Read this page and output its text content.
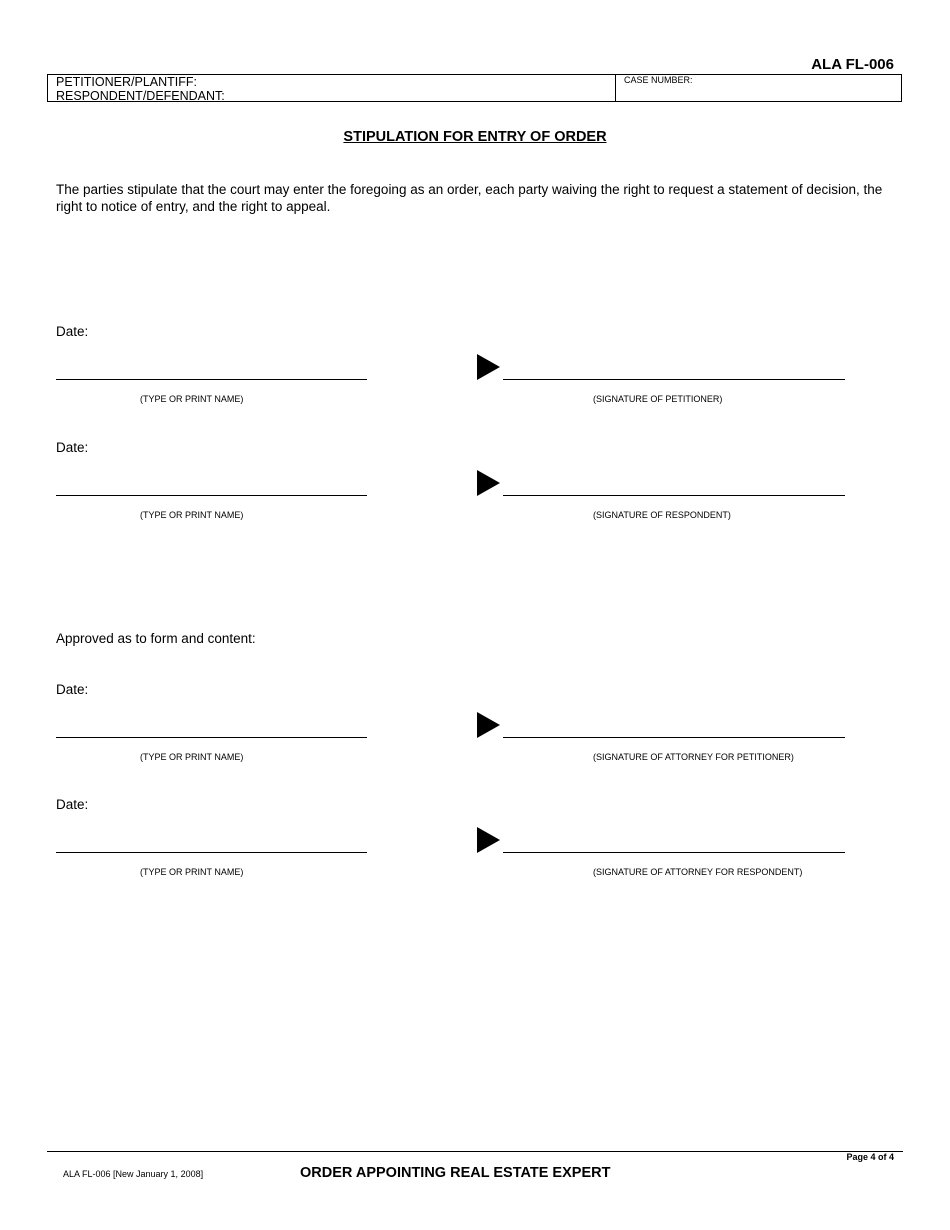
ALA FL-006
PETITIONER/PLANTIFF:
RESPONDENT/DEFENDANT:
CASE NUMBER:
STIPULATION FOR ENTRY OF ORDER
The parties stipulate that the court may enter the foregoing as an order, each party waiving the right to request a statement of decision, the right to notice of entry, and the right to appeal.
Date:
(TYPE OR PRINT NAME)	(SIGNATURE OF PETITIONER)
Date:
(TYPE OR PRINT NAME)	(SIGNATURE OF RESPONDENT)
Approved as to form and content:
Date:
(TYPE OR PRINT NAME)	(SIGNATURE OF ATTORNEY FOR PETITIONER)
Date:
(TYPE OR PRINT NAME)	(SIGNATURE OF ATTORNEY FOR RESPONDENT)
Page 4 of 4
ALA FL-006 [New January 1, 2008]	ORDER APPOINTING REAL ESTATE EXPERT
